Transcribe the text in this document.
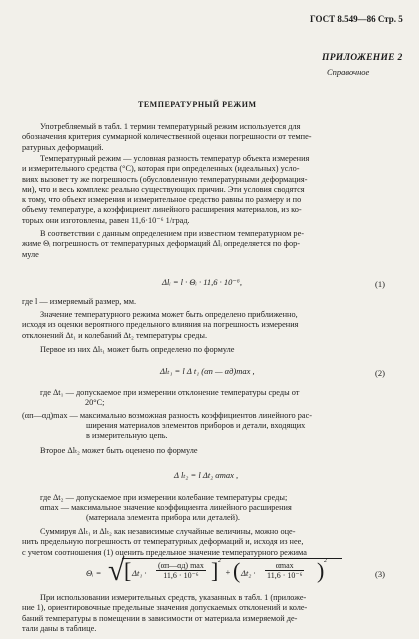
ГОСТ 8.549—86 Стр. 5
ПРИЛОЖЕНИЕ 2
Справочное
ТЕМПЕРАТУРНЫЙ РЕЖИМ
Употребляемый в табл. 1 термин температурный режим используется для
обозначения критерия суммарной количественной оценки погрешности от темпе-
ратурных деформаций.
Температурный режим — условная разность температур объекта измерения
и измерительного средства (°С), которая при определенных (идеальных) усло-
виях вызовет ту же погрешность (обусловленную температурными деформация-
ми), что и весь комплекс реально существующих причин. Эти условия сводятся
к тому, что объект измерения и измерительное средство равны по размеру и по
объему температуре, а коэффициент линейного расширения материалов, из ко-
торых они изготовлены, равен 11,6·10⁻⁶ 1/град.
В соответствии с данным определением при известном температурном ре-
жиме Θᵢ погрешность от температурных деформаций Δlᵢ определяется по фор-
муле
Δlᵢ = l · Θᵢ · 11,6 · 10⁻⁶,	(1)
где l — измеряемый размер, мм.
Значение температурного режима может быть определено приближенно,
исходя из оценки вероятного предельного влияния на погрешность измерения
отклонений Δt₁ и колебаний Δt₂ температуры среды.
Первое из них Δlₜ₁ может быть определено по формуле
Δlₜ₁ = l Δ t₁ (αп — αд)max ,	(2)
где Δt₁ — допускаемое при измерении отклонение температуры среды от
20°С;
(αп—αд)max — максимально возможная разность коэффициентов линейного рас-
ширения материалов элементов приборов и детали, входящих
в измерительную цепь.
Второе Δlₜ₂ может быть оценено по формуле
Δ lₜ₂ = l Δt₂ αmax ,
где Δt₂ — допускаемое при измерении колебание температуры среды;
αmax — максимальное значение коэффициента линейного расширения
(материала элемента прибора или деталей).
Суммируя Δlₜ₁ и Δlₜ₂ как независимые случайные величины, можно оце-
нить предельную погрешность от температурных деформаций и, исходя из нее,
с учетом соотношения (1) оценить предельное значение температурного режима
Θᵢ = √ [ Δt₁ ·
(αп—αд) max
11,6 · 10⁻⁶ ] 2
+ ( Δt₂ ·
αmax
11,6 · 10⁻⁶ ) 2
(3)
При использовании измерительных средств, указанных в табл. 1 (приложе-
ние 1), ориентировочные предельные значения допускаемых отклонений и коле-
баний температуры в помещении в зависимости от материала измеряемой де-
тали даны в таблице.
